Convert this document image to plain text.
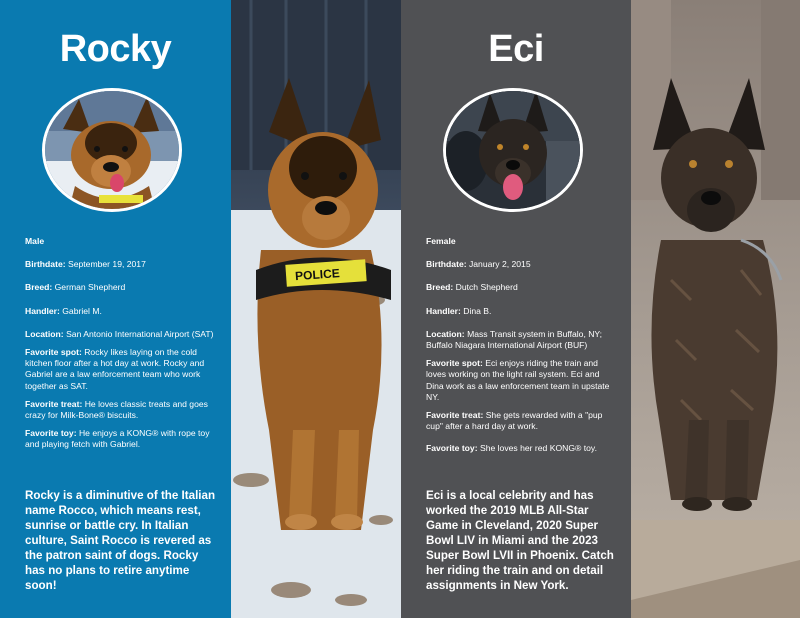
Rocky

Male

Birthdate: September 19, 2017

Breed: German Shepherd

Handler: Gabriel M.

Location: San Antonio International Airport (SAT)

Favorite spot: Rocky likes laying on the cold kitchen floor after a hot day at work. Rocky and Gabriel are a law enforcement team who work together as SAT.

Favorite treat: He loves classic treats and goes crazy for Milk-Bone® biscuits.

Favorite toy: He enjoys a KONG® with rope toy and playing fetch with Gabriel.

Rocky is a diminutive of the Italian name Rocco, which means rest, sunrise or battle cry. In Italian culture, Saint Rocco is revered as the patron saint of dogs. Rocky has no plans to retire anytime soon!
POLICE
Eci

Female

Birthdate: January 2, 2015

Breed: Dutch Shepherd

Handler: Dina B.

Location: Mass Transit system in Buffalo, NY; Buffalo Niagara International Airport (BUF)

Favorite spot: Eci enjoys riding the train and loves working on the light rail system. Eci and Dina work as a law enforcement team in upstate NY.

Favorite treat: She gets rewarded with a "pup cup" after a hard day at work.

Favorite toy: She loves her red KONG® toy.

Eci is a local celebrity and has worked the 2019 MLB All-Star Game in Cleveland, 2020 Super Bowl LIV in Miami and the 2023 Super Bowl LVII in Phoenix. Catch her riding the train and on detail assignments in New York.
